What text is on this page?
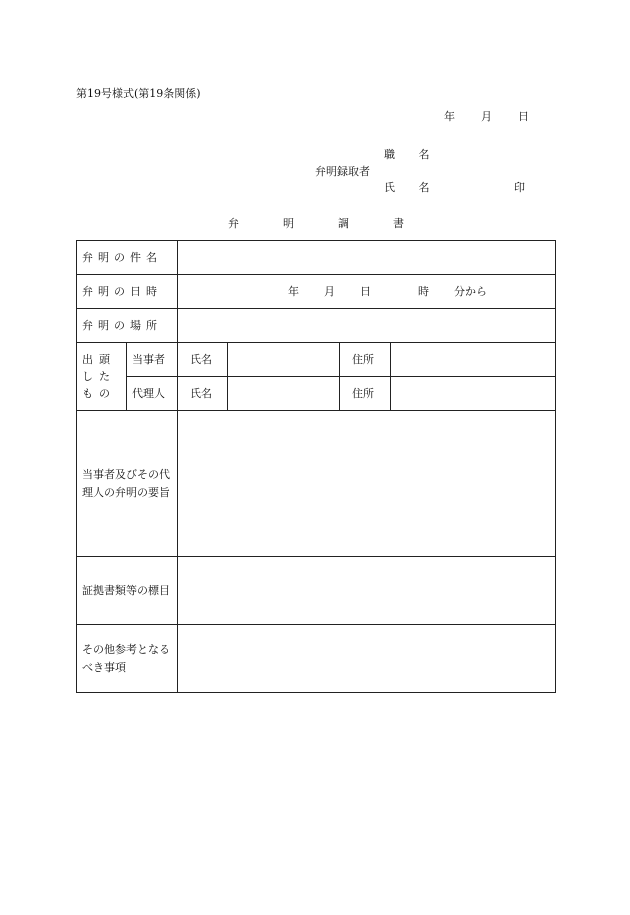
第19号様式(第19条関係)
年 月 日
職 名
弁明録取者
氏 名	印
弁	明	調	書
弁明の件名					
弁明の日時		年 月 日 時 分から			
弁明の場所					
出頭したもの	当事者	氏名		住所	
	代理人	氏名		住所	
当事者及びその代理人の弁明の要旨					
証拠書類等の標目					
その他参考となるべき事項					
